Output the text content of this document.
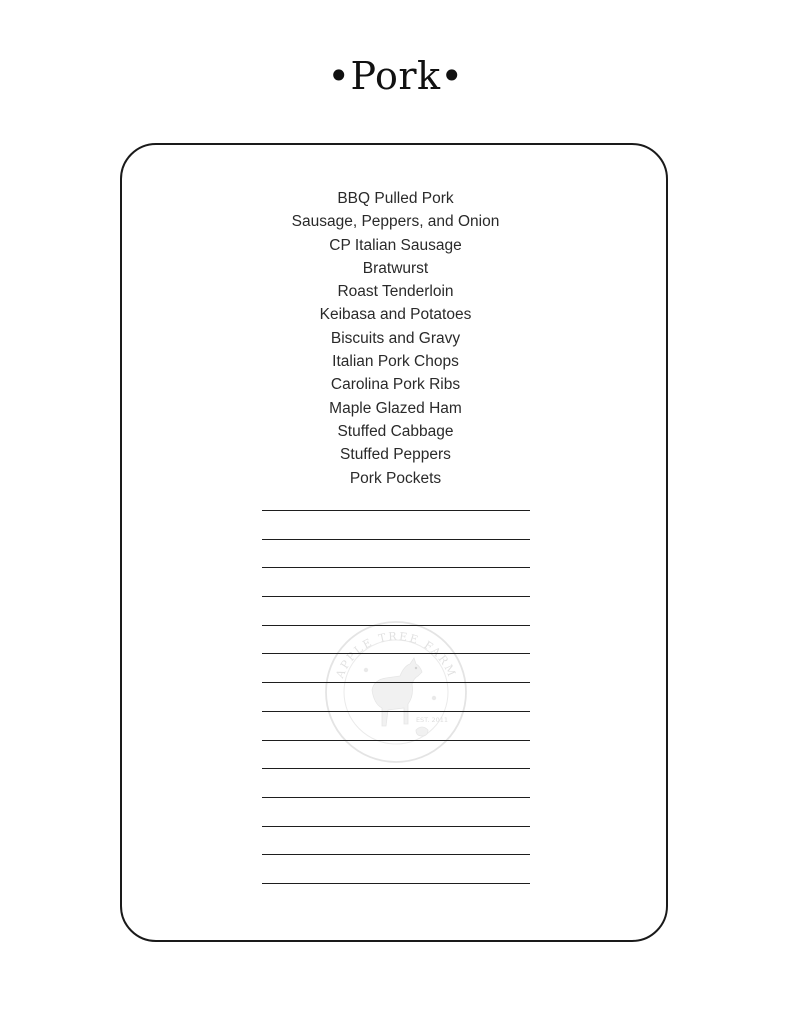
•Pork•
BBQ Pulled Pork
Sausage, Peppers, and Onion
CP Italian Sausage
Bratwurst
Roast Tenderloin
Keibasa and Potatoes
Biscuits and Gravy
Italian Pork Chops
Carolina Pork Ribs
Maple Glazed Ham
Stuffed Cabbage
Stuffed Peppers
Pork Pockets
APPLE TREE FARM
EST. 2011
